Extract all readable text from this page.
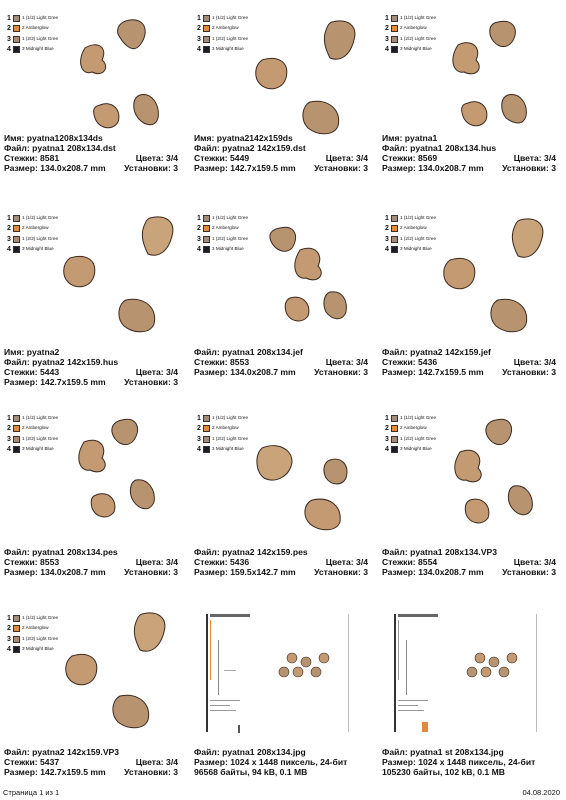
1	1 (1/2) Light Gree
2	2 Amberglow
3	1 (2/2) Light Gree
4	3 Midnight Blue
Имя: pyatna1208x134ds
Файл: pyatna1 208x134.dst
Стежки: 8581	Цвета: 3/4
Размер: 134.0x208.7 mm Установки: 3
1	1 (1/2) Light Gree
2	2 Amberglow
3	1 (2/2) Light Gree
4	3 Midnight Blue
Имя: pyatna2142x159ds
Файл: pyatna2 142x159.dst
Стежки: 5449	Цвета: 3/4
Размер: 142.7x159.5 mm Установки: 3
1	1 (1/2) Light Gree
2	2 Amberglow
3	1 (2/2) Light Gree
4	3 Midnight Blue
Имя: pyatna1
Файл: pyatna1 208x134.hus
Стежки: 8569	Цвета: 3/4
Размер: 134.0x208.7 mm Установки: 3
1	1 (1/2) Light Gree
2	2 Amberglow
3	1 (2/2) Light Gree
4	3 Midnight Blue
Имя: pyatna2
Файл: pyatna2 142x159.hus
Стежки: 5443	Цвета: 3/4
Размер: 142.7x159.5 mm Установки: 3
1	1 (1/2) Light Gree
2	2 Amberglow
3	1 (2/2) Light Gree
4	3 Midnight Blue
Файл: pyatna1 208x134.jef
Стежки: 8553	Цвета: 3/4
Размер: 134.0x208.7 mm Установки: 3
1	1 (1/2) Light Gree
2	2 Amberglow
3	1 (2/2) Light Gree
4	3 Midnight Blue
Файл: pyatna2 142x159.jef
Стежки: 5436	Цвета: 3/4
Размер: 142.7x159.5 mm Установки: 3
1	1 (1/2) Light Gree
2	2 Amberglow
3	1 (2/2) Light Gree
4	3 Midnight Blue
Файл: pyatna1 208x134.pes
Стежки: 8553	Цвета: 3/4
Размер: 134.0x208.7 mm Установки: 3
1	1 (1/2) Light Gree
2	2 Amberglow
3	1 (2/2) Light Gree
4	3 Midnight Blue
Файл: pyatna2 142x159.pes
Стежки: 5436	Цвета: 3/4
Размер: 159.5x142.7 mm Установки: 3
1	1 (1/2) Light Gree
2	2 Amberglow
3	1 (2/2) Light Gree
4	3 Midnight Blue
Файл: pyatna1 208x134.VP3
Стежки: 8554	Цвета: 3/4
Размер: 134.0x208.7 mm Установки: 3
1	1 (1/2) Light Gree
2	2 Amberglow
3	1 (2/2) Light Gree
4	3 Midnight Blue
Файл: pyatna2 142x159.VP3
Стежки: 5437	Цвета: 3/4
Размер: 142.7x159.5 mm Установки: 3
Файл: pyatna1 208x134.jpg
Размер: 1024 x 1448 пиксель, 24-бит
96568 байты, 94 kB, 0.1 MB
Файл: pyatna1 st 208x134.jpg
Размер: 1024 x 1448 пиксель, 24-бит
105230 байты, 102 kB, 0.1 MB
Страница 1 из 1	04.08.2020
